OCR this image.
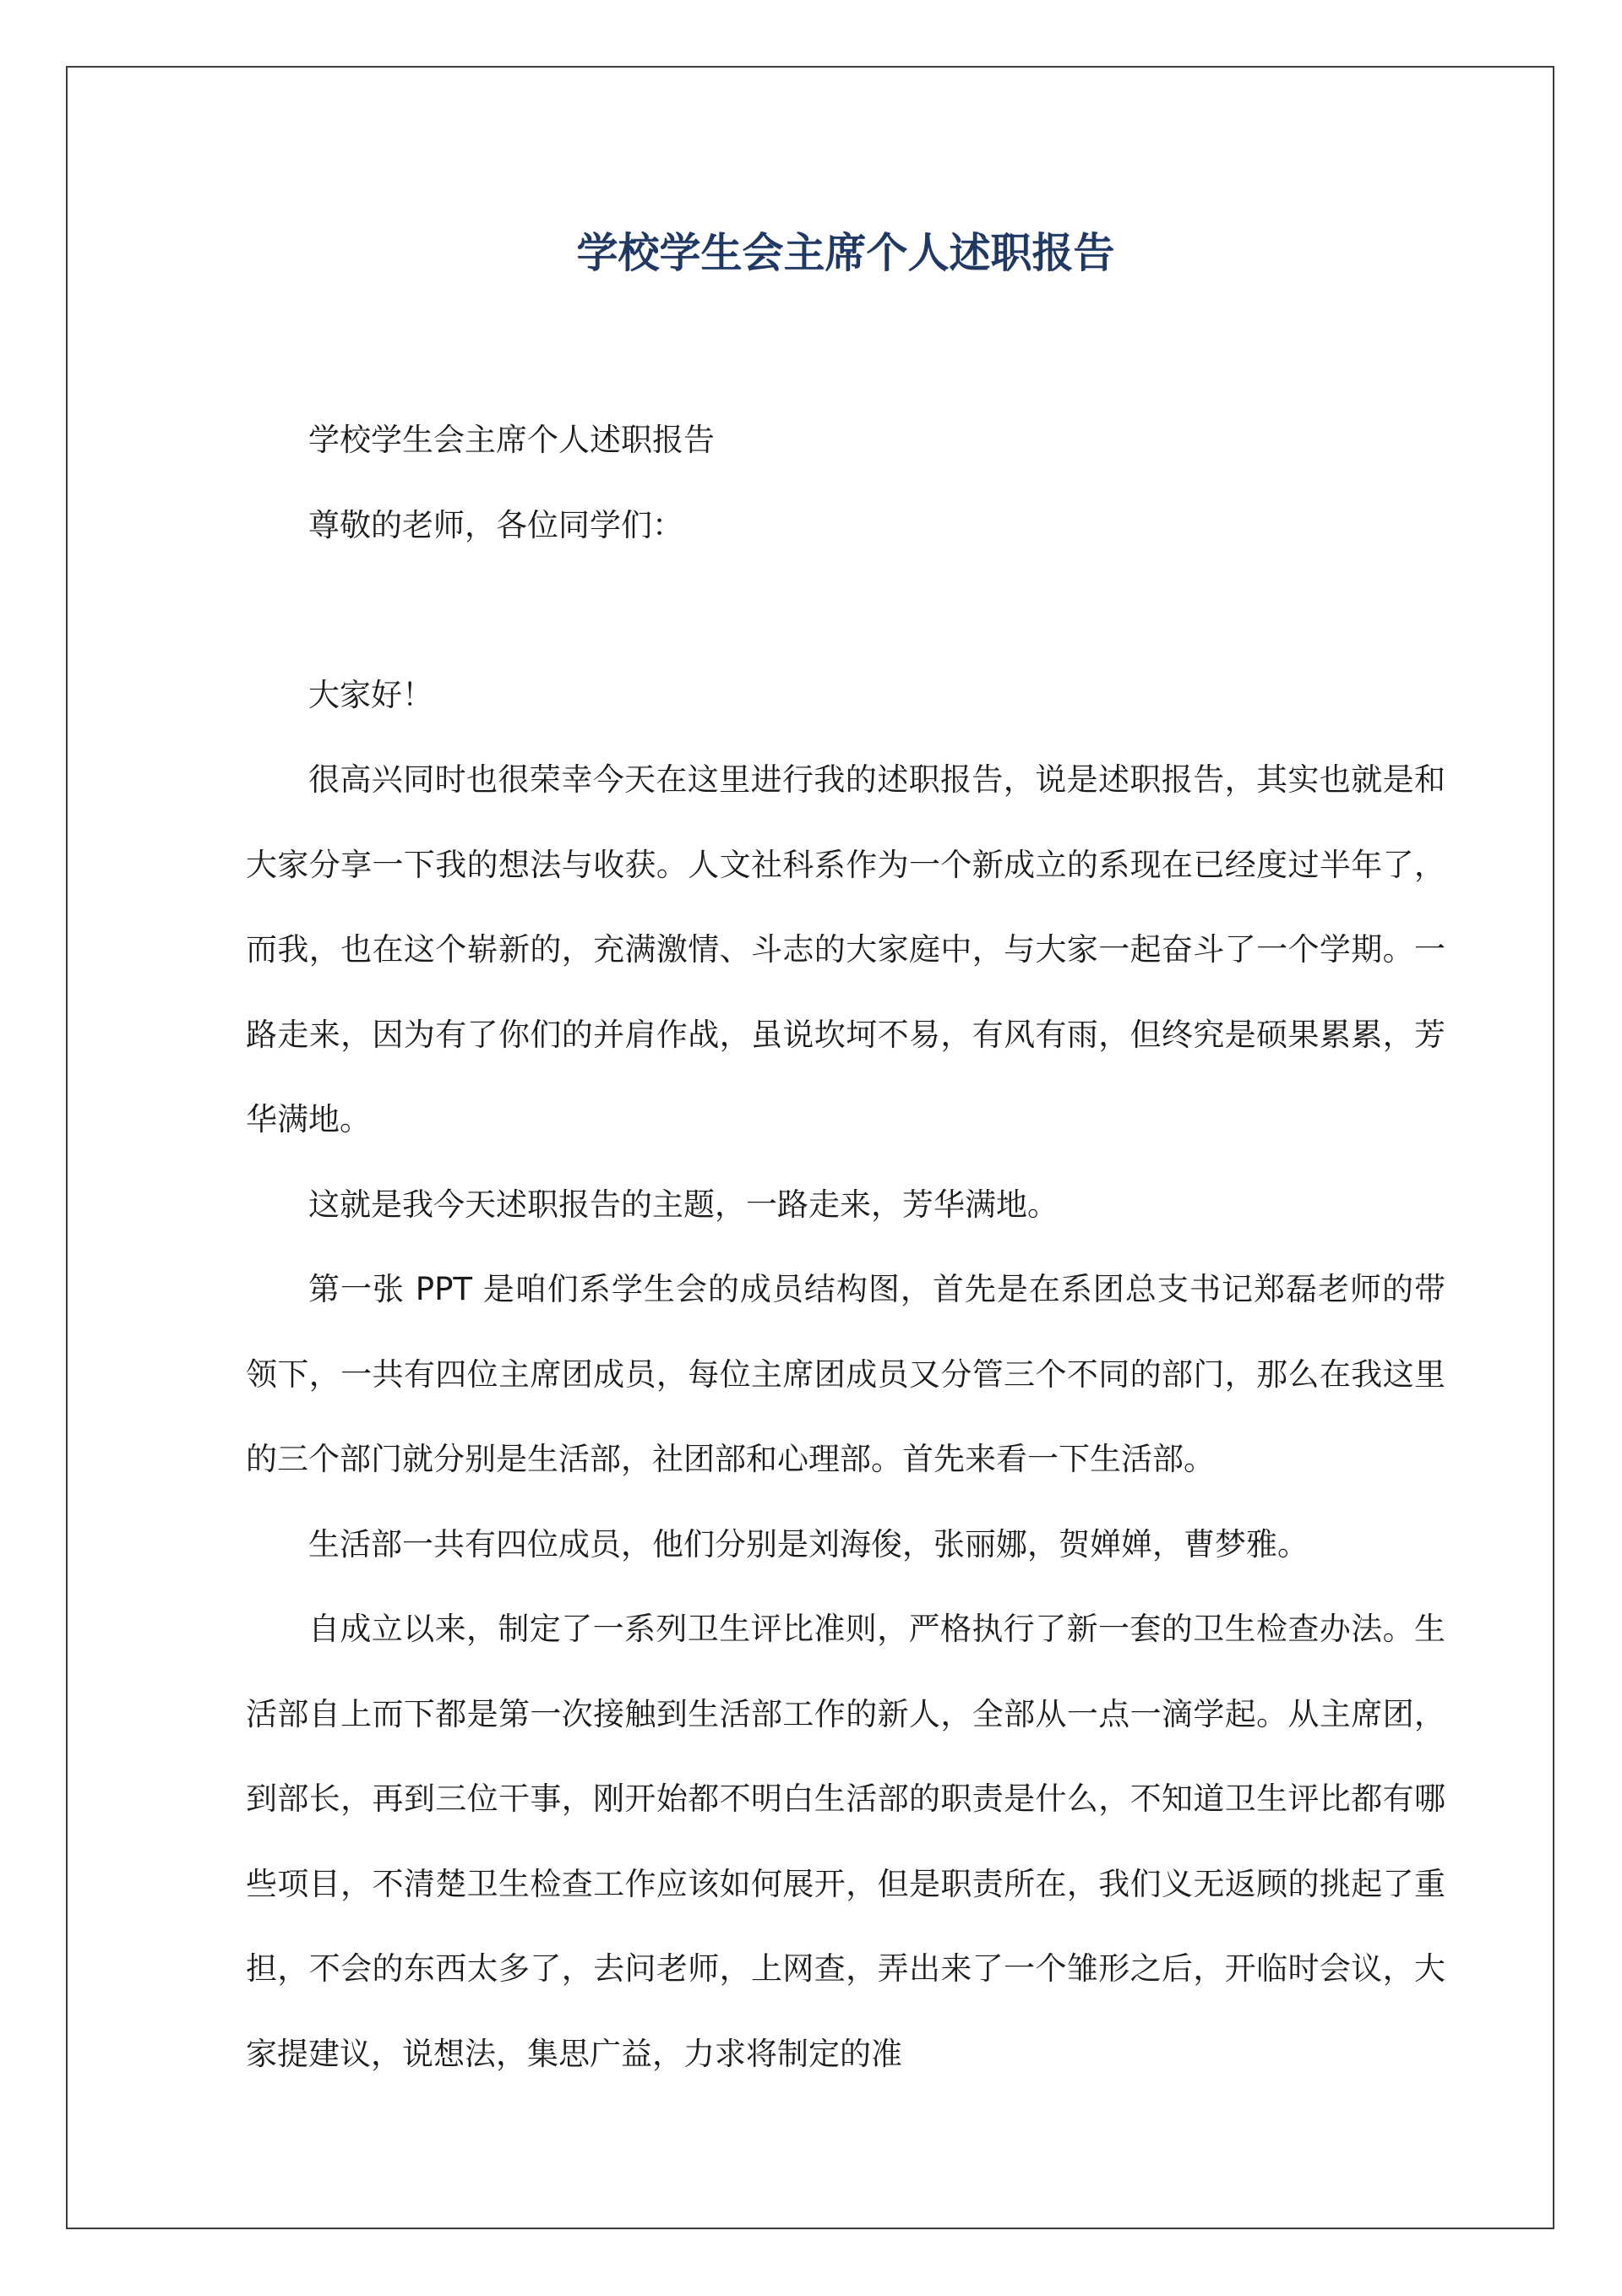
学校学生会主席个人述职报告

学校学生会主席个人述职报告

尊敬的老师，各位同学们：

大家好！

很高兴同时也很荣幸今天在这里进行我的述职报告，说是述职报告，其实也就是和大家分享一下我的想法与收获。人文社科系作为一个新成立的系现在已经度过半年了，而我，也在这个崭新的，充满激情、斗志的大家庭中，与大家一起奋斗了一个学期。一路走来，因为有了你们的并肩作战，虽说坎坷不易，有风有雨，但终究是硕果累累，芳华满地。

这就是我今天述职报告的主题，一路走来，芳华满地。

第一张 PPT 是咱们系学生会的成员结构图，首先是在系团总支书记郑磊老师的带领下，一共有四位主席团成员，每位主席团成员又分管三个不同的部门，那么在我这里的三个部门就分别是生活部，社团部和心理部。首先来看一下生活部。

生活部一共有四位成员，他们分别是刘海俊，张丽娜，贺婵婵，曹梦雅。

自成立以来，制定了一系列卫生评比准则，严格执行了新一套的卫生检查办法。生活部自上而下都是第一次接触到生活部工作的新人，全部从一点一滴学起。从主席团，到部长，再到三位干事，刚开始都不明白生活部的职责是什么，不知道卫生评比都有哪些项目，不清楚卫生检查工作应该如何展开，但是职责所在，我们义无返顾的挑起了重担，不会的东西太多了，去问老师，上网查，弄出来了一个雏形之后，开临时会议，大家提建议，说想法，集思广益，力求将制定的准
